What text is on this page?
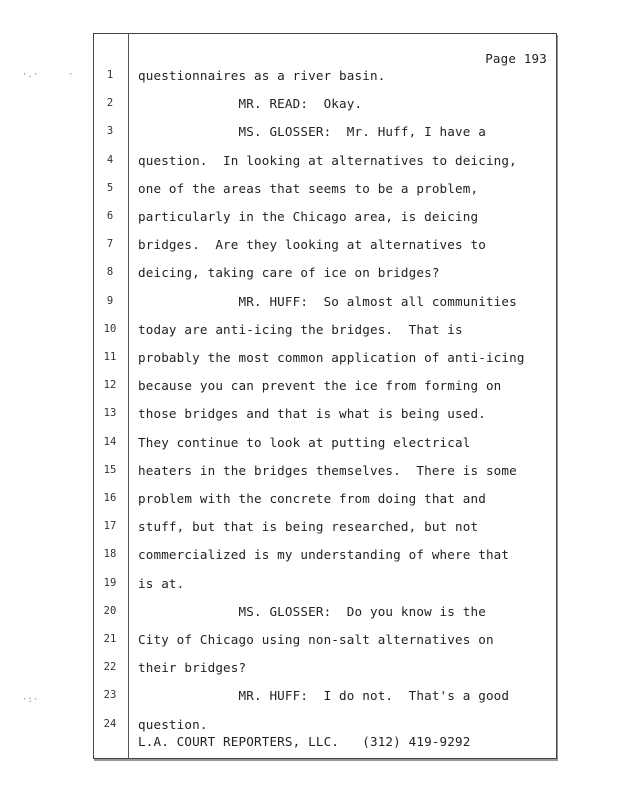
Page 193
1	questionnaires as a river basin.
2	MR. READ:  Okay.
3	MS. GLOSSER:  Mr. Huff, I have a
4	question.  In looking at alternatives to deicing,
5	one of the areas that seems to be a problem,
6	particularly in the Chicago area, is deicing
7	bridges.  Are they looking at alternatives to
8	deicing, taking care of ice on bridges?
9	MR. HUFF:  So almost all communities
10 today are anti-icing the bridges.  That is
11 probably the most common application of anti-icing
12 because you can prevent the ice from forming on
13 those bridges and that is what is being used.
14 They continue to look at putting electrical
15 heaters in the bridges themselves.  There is some
16 problem with the concrete from doing that and
17 stuff, but that is being researched, but not
18 commercialized is my understanding of where that
19 is at.
20 MS. GLOSSER:  Do you know is the
21 City of Chicago using non-salt alternatives on
22 their bridges?
23 MR. HUFF:  I do not.  That's a good
24 question.
L.A. COURT REPORTERS, LLC.   (312) 419-9292
·.·	·
·:·
